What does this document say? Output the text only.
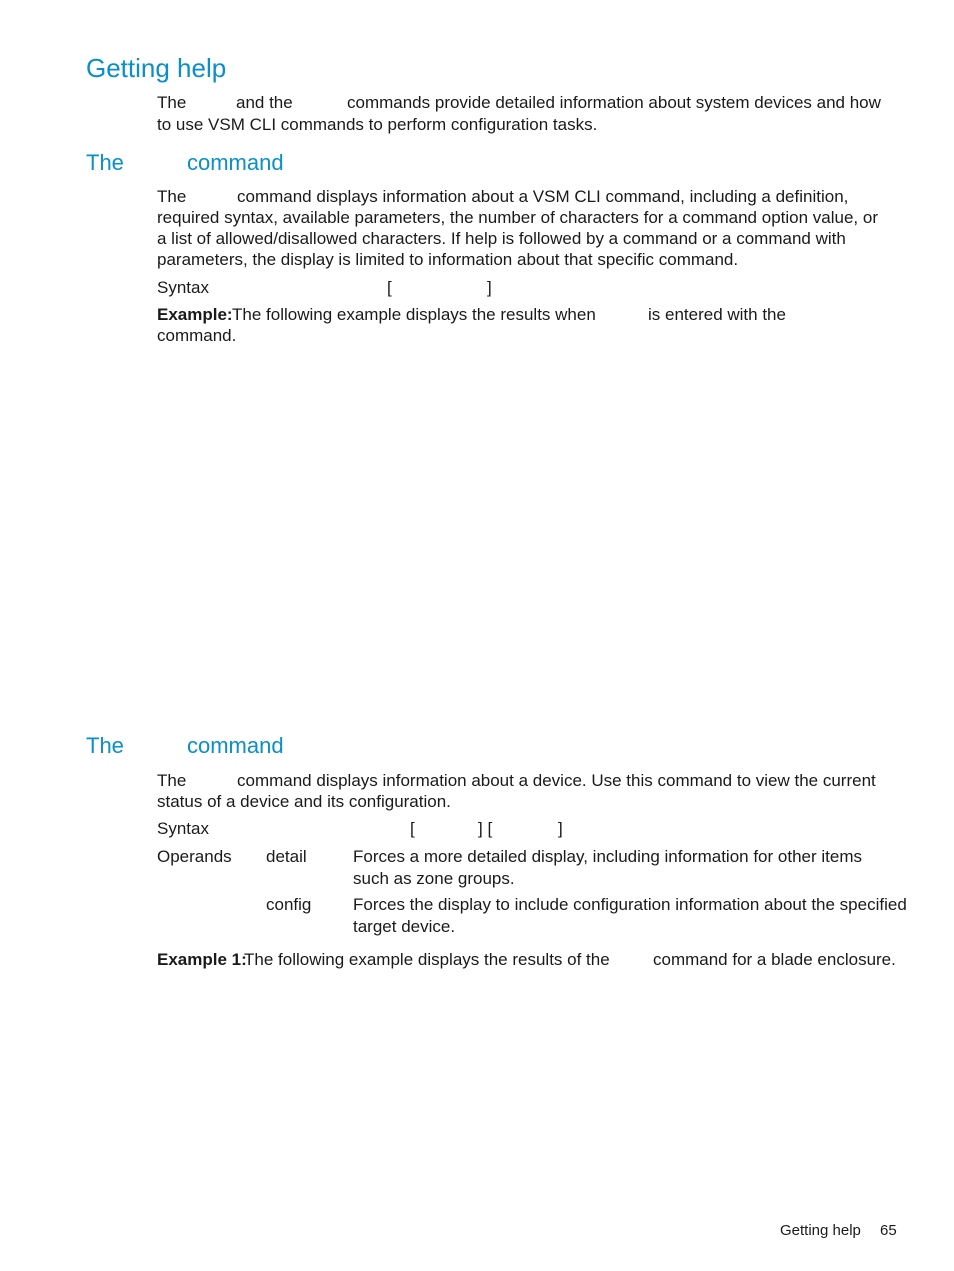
Getting help
The	and the	commands provide detailed information about system devices and how
to use VSM CLI commands to perform configuration tasks.
The	command
The	command displays information about a VSM CLI command, including a definition,
required syntax, available parameters, the number of characters for a command option value, or
a list of allowed/disallowed characters. If help is followed by a command or a command with
parameters, the display is limited to information about that specific command.
Syntax	[	]
Example: The following example displays the results when	is entered with the
command.
The	command
The	command displays information about a device. Use this command to view the current
status of a device and its configuration.
Syntax	[	] [	]
Operands detail	Forces a more detailed display, including information for other items
such as zone groups.
config Forces the display to include configuration information about the specified
target device.
Example 1:
The following example displays the results of the	command for a blade enclosure.
Getting help 65
